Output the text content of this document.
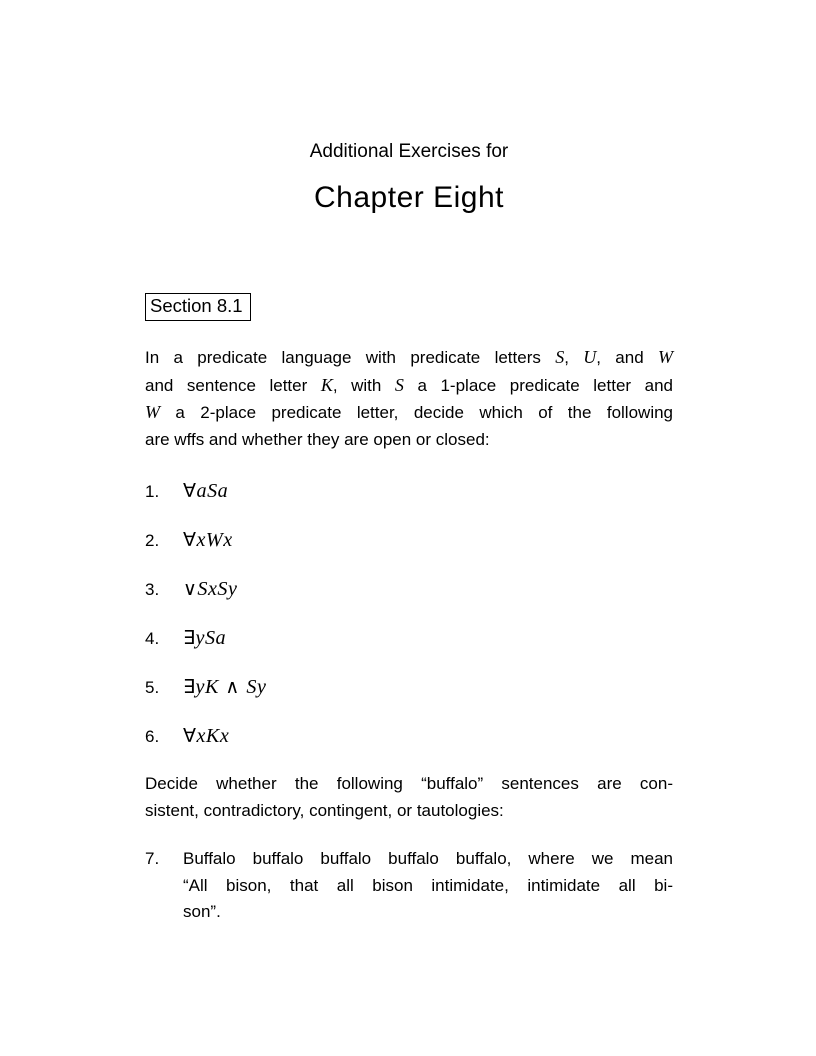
Additional Exercises for
Chapter Eight
Section 8.1
In a predicate language with predicate letters S, U, and W
and sentence letter K, with S a 1-place predicate letter and
W a 2-place predicate letter, decide which of the following
are wffs and whether they are open or closed:
1. ∀aSa
2. ∀xWx
3. ∨SxSy
4. ∃ySa
5. ∃yK ∧ Sy
6. ∀xKx
Decide whether the following “buffalo” sentences are con-
sistent, contradictory, contingent, or tautologies:
7. Buffalo buffalo buffalo buffalo buffalo, where we mean
“All bison, that all bison intimidate, intimidate all bi-
son”.
